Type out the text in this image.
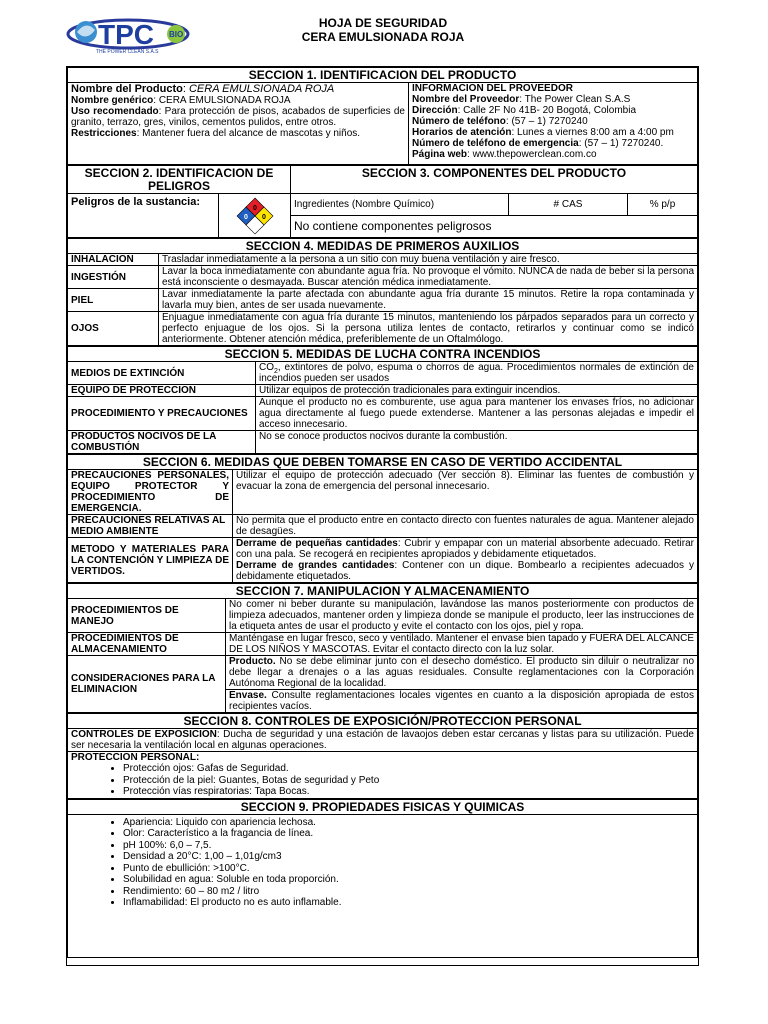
TPC BIO
THE POWER CLEAN S.A.S
HOJA DE SEGURIDAD
CERA EMULSIONADA ROJA
SECCION 1. IDENTIFICACION DEL PRODUCTO

Nombre del Producto: CERA EMULSIONADA ROJA
Nombre genérico: CERA EMULSIONADA ROJA
Uso recomendado: Para protección de pisos, acabados de superficies de granito, terrazo, gres, vinilos, cementos pulidos, entre otros.
Restricciones: Mantener fuera del alcance de mascotas y niños.

INFORMACION DEL PROVEEDOR
Nombre del Proveedor: The Power Clean S.A.S
Dirección: Calle 2F No 41B- 20 Bogotá, Colombia
Número de teléfono: (57 – 1) 7270240
Horarios de atención: Lunes a viernes 8:00 am a 4:00 pm
Número de teléfono de emergencia: (57 – 1) 7270240.
Página web: www.thepowerclean.com.co
SECCION 2. IDENTIFICACION DE PELIGROS		SECCION 3. COMPONENTES DEL PRODUCTO		
Peligros de la sustancia:	0
0 0	Ingredientes (Nombre Químico)	# CAS	% p/p
		No contiene componentes peligrosos		
SECCION 4. MEDIDAS DE PRIMEROS AUXILIOS	
INHALACION	Trasladar inmediatamente a la persona a un sitio con muy buena ventilación y aire fresco.
INGESTIÓN	Lavar la boca inmediatamente con abundante agua fría. No provoque el vómito. NUNCA de nada de beber si la persona está inconsciente o desmayada. Buscar atención médica inmediatamente.
PIEL	Lavar inmediatamente la parte afectada con abundante agua fría durante 15 minutos. Retire la ropa contaminada y lavarla muy bien, antes de ser usada nuevamente.
OJOS	Enjuague inmediatamente con agua fría durante 15 minutos, manteniendo los párpados separados para un correcto y perfecto enjuague de los ojos. Si la persona utiliza lentes de contacto, retirarlos y continuar como se indicó anteriormente. Obtener atención médica, preferiblemente de un Oftalmólogo.
SECCION 5. MEDIDAS DE LUCHA CONTRA INCENDIOS	
MEDIOS DE EXTINCIÓN	$CO_2$, extintores de polvo, espuma o chorros de agua. Procedimientos normales de extinción de incendios pueden ser usados
EQUIPO DE PROTECCION	Utilizar equipos de protección tradicionales para extinguir incendios.
PROCEDIMIENTO Y PRECAUCIONES	Aunque el producto no es comburente, use agua para mantener los envases fríos, no adicionar agua directamente al fuego puede extenderse. Mantener a las personas alejadas e impedir el acceso innecesario.
PRODUCTOS NOCIVOS DE LA COMBUSTIÓN	No se conoce productos nocivos durante la combustión.
SECCION 6. MEDIDAS QUE DEBEN TOMARSE EN CASO DE VERTIDO ACCIDENTAL	
PRECAUCIONES PERSONALES, EQUIPO PROTECTOR Y PROCEDIMIENTO DE EMERGENCIA.	Utilizar el equipo de protección adecuado (Ver sección 8). Eliminar las fuentes de combustión y evacuar la zona de emergencia del personal innecesario.
PRECAUCIONES RELATIVAS AL MEDIO AMBIENTE	No permita que el producto entre en contacto directo con fuentes naturales de agua. Mantener alejado de desagües.
METODO Y MATERIALES PARA LA CONTENCIÓN Y LIMPIEZA DE VERTIDOS.	Derrame de pequeñas cantidades: Cubrir y empapar con un material absorbente adecuado. Retirar con una pala. Se recogerá en recipientes apropiados y debidamente etiquetados.
Derrame de grandes cantidades: Contener con un dique. Bombearlo a recipientes adecuados y debidamente etiquetados.
SECCION 7. MANIPULACION Y ALMACENAMIENTO	
PROCEDIMIENTOS DE MANEJO	No comer ni beber durante su manipulación, lavándose las manos posteriormente con productos de limpieza adecuados, mantener orden y limpieza donde se manipule el producto, leer las instrucciones de la etiqueta antes de usar el producto y evite el contacto con los ojos, piel y ropa.
PROCEDIMIENTOS DE ALMACENAMIENTO	Manténgase en lugar fresco, seco y ventilado. Mantener el envase bien tapado y FUERA DEL ALCANCE DE LOS NIÑOS Y MASCOTAS. Evitar el contacto directo con la luz solar.
CONSIDERACIONES PARA LA ELIMINACION	Producto. No se debe eliminar junto con el desecho doméstico. El producto sin diluir o neutralizar no debe llegar a drenajes o a las aguas residuales. Consulte reglamentaciones con la Corporación Autónoma Regional de la localidad.
	Envase. Consulte reglamentaciones locales vigentes en cuanto a la disposición apropiada de estos recipientes vacíos.
SECCION 8. CONTROLES DE EXPOSICIÓN/PROTECCION PERSONAL
CONTROLES DE EXPOSICION: Ducha de seguridad y una estación de lavaojos deben estar cercanas y listas para su utilización. Puede ser necesaria la ventilación local en algunas operaciones.

PROTECCION PERSONAL:
• Protección ojos: Gafas de Seguridad.
• Protección de la piel: Guantes, Botas de seguridad y Peto
• Protección vías respiratorias: Tapa Bocas.
SECCION 9. PROPIEDADES FISICAS Y QUIMICAS

• Apariencia: Liquido con apariencia lechosa.
• Olor: Característico a la fragancia de línea.
• pH 100%: 6,0 – 7,5.
• Densidad a 20°C: 1,00 – 1,01g/cm3
• Punto de ebullición: >100°C.
• Solubilidad en agua: Soluble en toda proporción.
• Rendimiento: 60 – 80 m2 / litro
• Inflamabilidad: El producto no es auto inflamable.
